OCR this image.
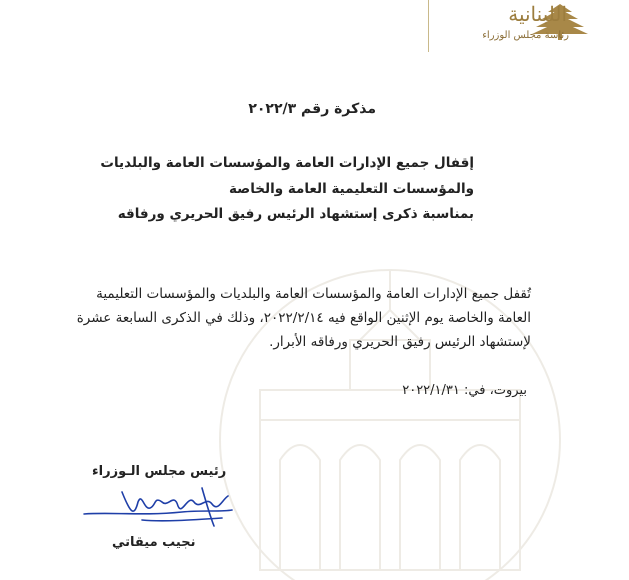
اللبنانية
رئاسة مجلس الوزراء
مذكرة رقم ٢٠٢٢/٣
إقفال جميع الإدارات العامة والمؤسسات العامة والبلديات
والمؤسسات التعليمية العامة والخاصة
بمناسبة ذكرى إستشهاد الرئيس رفيق الحريري ورفاقه
تُقفل جميع الإدارات العامة والمؤسسات العامة والبلديات والمؤسسات التعليمية
العامة والخاصة يوم الإثنين الواقع فيه ٢٠٢٢/٢/١٤، وذلك في الذكرى السابعة عشرة
لإستشهاد الرئيس رفيق الحريري ورفاقه الأبرار.
بيروت، في: ٢٠٢٢/١/٣١
رئيس مجلس الـوزراء
نجيب ميقاتي
